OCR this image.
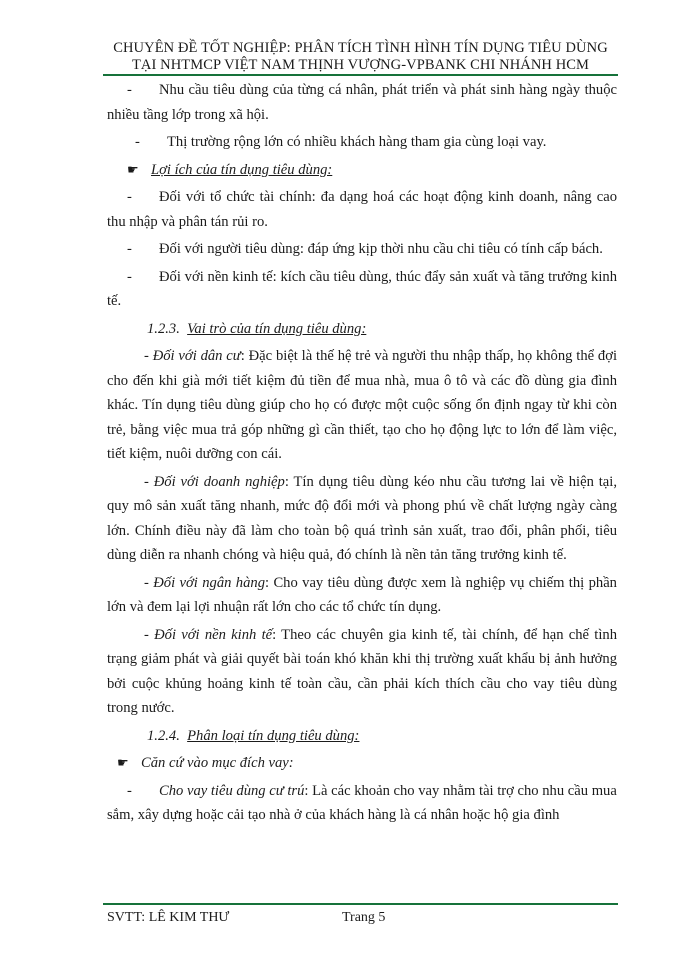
CHUYÊN ĐỀ TỐT NGHIỆP: PHÂN TÍCH TÌNH HÌNH TÍN DỤNG TIÊU DÙNG
TẠI NHTMCP VIỆT NAM THỊNH VƯỢNG-VPBANK CHI NHÁNH HCM

- Nhu cầu tiêu dùng của từng cá nhân, phát triển và phát sinh hàng ngày thuộc nhiều tầng lớp trong xã hội.

- Thị trường rộng lớn có nhiều khách hàng tham gia cùng loại vay.

☛ Lợi ích của tín dụng tiêu dùng:

- Đối với tổ chức tài chính: đa dạng hoá các hoạt động kinh doanh, nâng cao thu nhập và phân tán rủi ro.

- Đối với người tiêu dùng: đáp ứng kịp thời nhu cầu chi tiêu có tính cấp bách.

- Đối với nền kinh tế: kích cầu tiêu dùng, thúc đẩy sản xuất và tăng trưởng kinh tế.

1.2.3. Vai trò của tín dụng tiêu dùng:

- Đối với dân cư: Đặc biệt là thế hệ trẻ và người thu nhập thấp, họ không thể đợi cho đến khi già mới tiết kiệm đủ tiền để mua nhà, mua ô tô và các đồ dùng gia đình khác. Tín dụng tiêu dùng giúp cho họ có được một cuộc sống ổn định ngay từ khi còn trẻ, bằng việc mua trả góp những gì cần thiết, tạo cho họ động lực to lớn để làm việc, tiết kiệm, nuôi dưỡng con cái.

- Đối với doanh nghiệp: Tín dụng tiêu dùng kéo nhu cầu tương lai về hiện tại, quy mô sản xuất tăng nhanh, mức độ đổi mới và phong phú về chất lượng ngày càng lớn. Chính điều này đã làm cho toàn bộ quá trình sản xuất, trao đổi, phân phối, tiêu dùng diễn ra nhanh chóng và hiệu quả, đó chính là nền tản tăng trưởng kinh tế.

- Đối với ngân hàng: Cho vay tiêu dùng được xem là nghiệp vụ chiếm thị phần lớn và đem lại lợi nhuận rất lớn cho các tổ chức tín dụng.

- Đối với nền kinh tế: Theo các chuyên gia kinh tế, tài chính, để hạn chế tình trạng giảm phát và giải quyết bài toán khó khăn khi thị trường xuất khẩu bị ảnh hưởng bởi cuộc khủng hoảng kinh tế toàn cầu, cần phải kích thích cầu cho vay tiêu dùng trong nước.

1.2.4. Phân loại tín dụng tiêu dùng:

☛ Căn cứ vào mục đích vay:

- Cho vay tiêu dùng cư trú: Là các khoản cho vay nhằm tài trợ cho nhu cầu mua sắm, xây dựng hoặc cải tạo nhà ở của khách hàng là cá nhân hoặc hộ gia đình

SVTT: LÊ KIM THƯ	Trang 5
